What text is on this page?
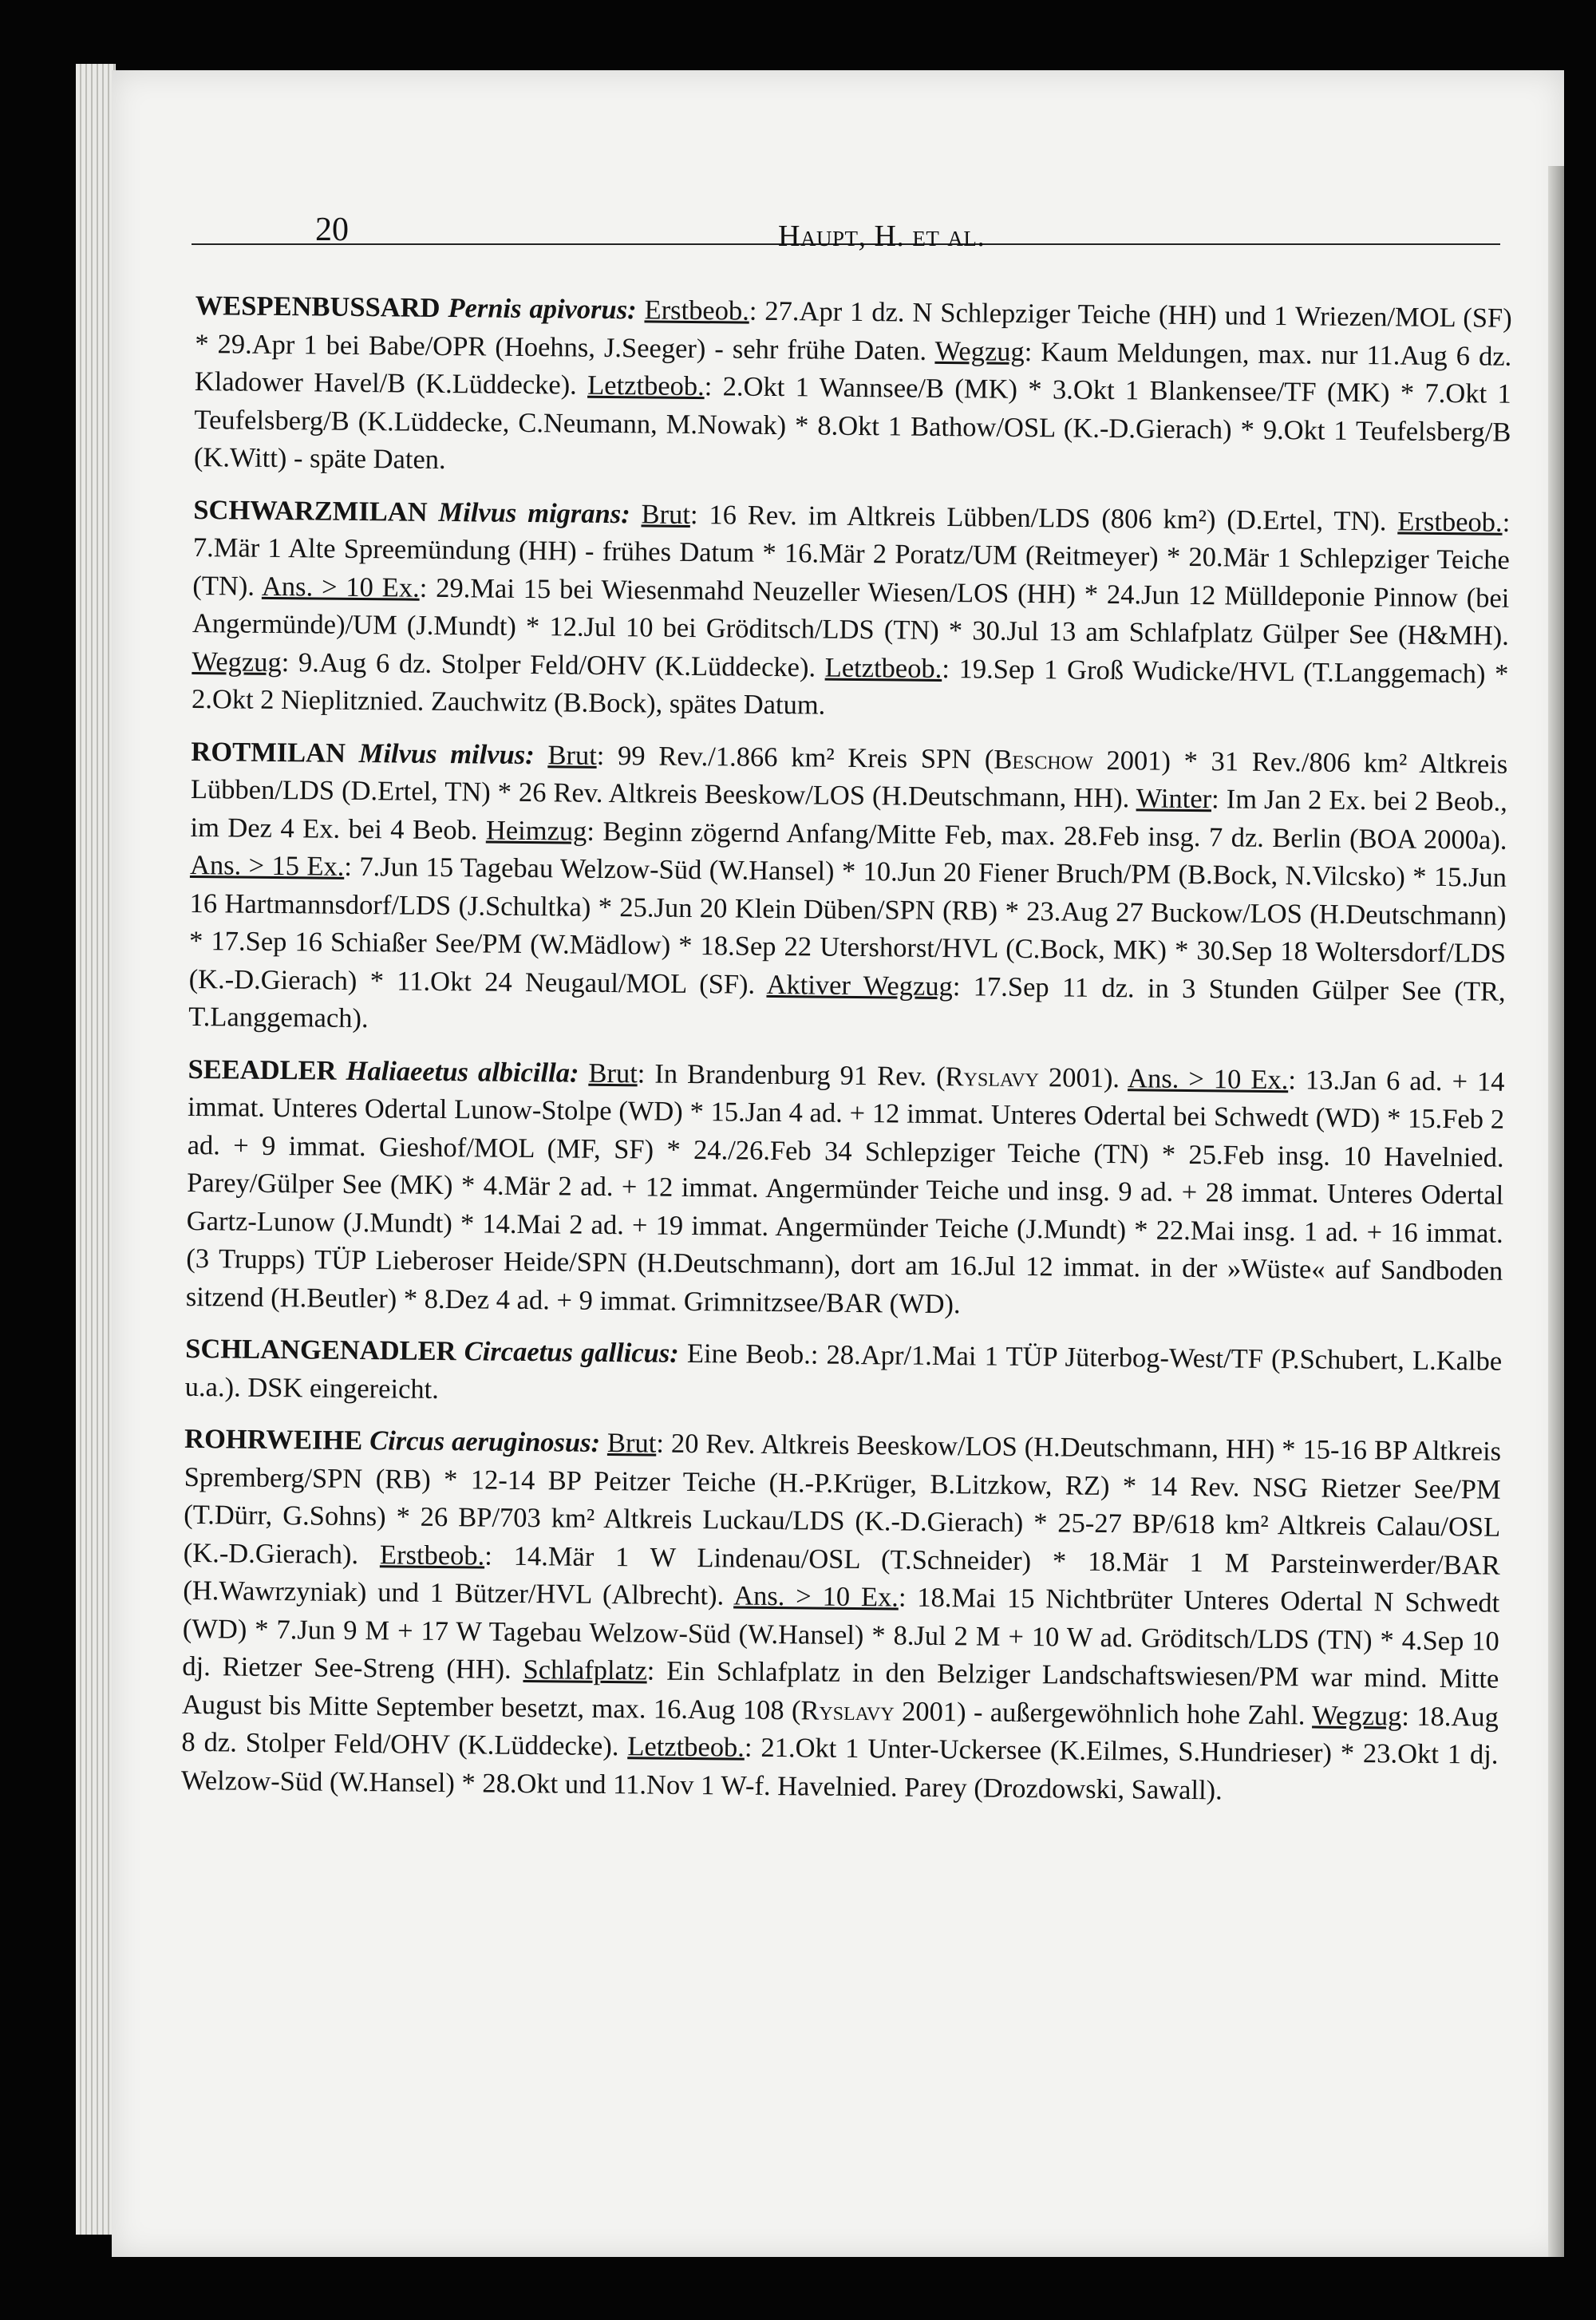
20	Haupt, H. et al.

WESPENBUSSARD Pernis apivorus: Erstbeob.: 27.Apr 1 dz. N Schlepziger Teiche (HH) und 1 Wriezen/MOL (SF) * 29.Apr 1 bei Babe/OPR (Hoehns, J.Seeger) - sehr frühe Daten. Wegzug: Kaum Meldungen, max. nur 11.Aug 6 dz. Kladower Havel/B (K.Lüddecke). Letztbeob.: 2.Okt 1 Wannsee/B (MK) * 3.Okt 1 Blankensee/TF (MK) * 7.Okt 1 Teufelsberg/B (K.Lüddecke, C.Neumann, M.Nowak) * 8.Okt 1 Bathow/OSL (K.-D.Gierach) * 9.Okt 1 Teufelsberg/B (K.Witt) - späte Daten.

SCHWARZMILAN Milvus migrans: Brut: 16 Rev. im Altkreis Lübben/LDS (806 km²) (D.Ertel, TN). Erstbeob.: 7.Mär 1 Alte Spreemündung (HH) - frühes Datum * 16.Mär 2 Poratz/UM (Reitmeyer) * 20.Mär 1 Schlepziger Teiche (TN). Ans. > 10 Ex.: 29.Mai 15 bei Wiesenmahd Neuzeller Wiesen/LOS (HH) * 24.Jun 12 Mülldeponie Pinnow (bei Angermünde)/UM (J.Mundt) * 12.Jul 10 bei Gröditsch/LDS (TN) * 30.Jul 13 am Schlafplatz Gülper See (H&MH). Wegzug: 9.Aug 6 dz. Stolper Feld/OHV (K.Lüddecke). Letztbeob.: 19.Sep 1 Groß Wudicke/HVL (T.Langgemach) * 2.Okt 2 Nieplitznied. Zauchwitz (B.Bock), spätes Datum.

ROTMILAN Milvus milvus: Brut: 99 Rev./1.866 km² Kreis SPN (Beschow 2001) * 31 Rev./806 km² Altkreis Lübben/LDS (D.Ertel, TN) * 26 Rev. Altkreis Beeskow/LOS (H.Deutschmann, HH). Winter: Im Jan 2 Ex. bei 2 Beob., im Dez 4 Ex. bei 4 Beob. Heimzug: Beginn zögernd Anfang/Mitte Feb, max. 28.Feb insg. 7 dz. Berlin (BOA 2000a). Ans. > 15 Ex.: 7.Jun 15 Tagebau Welzow-Süd (W.Hansel) * 10.Jun 20 Fiener Bruch/PM (B.Bock, N.Vilcsko) * 15.Jun 16 Hartmannsdorf/LDS (J.Schultka) * 25.Jun 20 Klein Düben/SPN (RB) * 23.Aug 27 Buckow/LOS (H.Deutschmann) * 17.Sep 16 Schiaßer See/PM (W.Mädlow) * 18.Sep 22 Utershorst/HVL (C.Bock, MK) * 30.Sep 18 Woltersdorf/LDS (K.-D.Gierach) * 11.Okt 24 Neugaul/MOL (SF). Aktiver Wegzug: 17.Sep 11 dz. in 3 Stunden Gülper See (TR, T.Langgemach).

SEEADLER Haliaeetus albicilla: Brut: In Brandenburg 91 Rev. (Ryslavy 2001). Ans. > 10 Ex.: 13.Jan 6 ad. + 14 immat. Unteres Odertal Lunow-Stolpe (WD) * 15.Jan 4 ad. + 12 immat. Unteres Odertal bei Schwedt (WD) * 15.Feb 2 ad. + 9 immat. Gieshof/MOL (MF, SF) * 24./26.Feb 34 Schlepziger Teiche (TN) * 25.Feb insg. 10 Havelnied. Parey/Gülper See (MK) * 4.Mär 2 ad. + 12 immat. Angermünder Teiche und insg. 9 ad. + 28 immat. Unteres Odertal Gartz-Lunow (J.Mundt) * 14.Mai 2 ad. + 19 immat. Angermünder Teiche (J.Mundt) * 22.Mai insg. 1 ad. + 16 immat. (3 Trupps) TÜP Lieberoser Heide/SPN (H.Deutschmann), dort am 16.Jul 12 immat. in der »Wüste« auf Sandboden sitzend (H.Beutler) * 8.Dez 4 ad. + 9 immat. Grimnitzsee/BAR (WD).

SCHLANGENADLER Circaetus gallicus: Eine Beob.: 28.Apr/1.Mai 1 TÜP Jüterbog-West/TF (P.Schubert, L.Kalbe u.a.). DSK eingereicht.

ROHRWEIHE Circus aeruginosus: Brut: 20 Rev. Altkreis Beeskow/LOS (H.Deutschmann, HH) * 15-16 BP Altkreis Spremberg/SPN (RB) * 12-14 BP Peitzer Teiche (H.-P.Krüger, B.Litzkow, RZ) * 14 Rev. NSG Rietzer See/PM (T.Dürr, G.Sohns) * 26 BP/703 km² Altkreis Luckau/LDS (K.-D.Gierach) * 25-27 BP/618 km² Altkreis Calau/OSL (K.-D.Gierach). Erstbeob.: 14.Mär 1 W Lindenau/OSL (T.Schneider) * 18.Mär 1 M Parsteinwerder/BAR (H.Wawrzyniak) und 1 Bützer/HVL (Albrecht). Ans. > 10 Ex.: 18.Mai 15 Nichtbrüter Unteres Odertal N Schwedt (WD) * 7.Jun 9 M + 17 W Tagebau Welzow-Süd (W.Hansel) * 8.Jul 2 M + 10 W ad. Gröditsch/LDS (TN) * 4.Sep 10 dj. Rietzer See-Streng (HH). Schlafplatz: Ein Schlafplatz in den Belziger Landschaftswiesen/PM war mind. Mitte August bis Mitte September besetzt, max. 16.Aug 108 (Ryslavy 2001) - außergewöhnlich hohe Zahl. Wegzug: 18.Aug 8 dz. Stolper Feld/OHV (K.Lüddecke). Letztbeob.: 21.Okt 1 Unter-Uckersee (K.Eilmes, S.Hundrieser) * 23.Okt 1 dj. Welzow-Süd (W.Hansel) * 28.Okt und 11.Nov 1 W-f. Havelnied. Parey (Drozdowski, Sawall).
